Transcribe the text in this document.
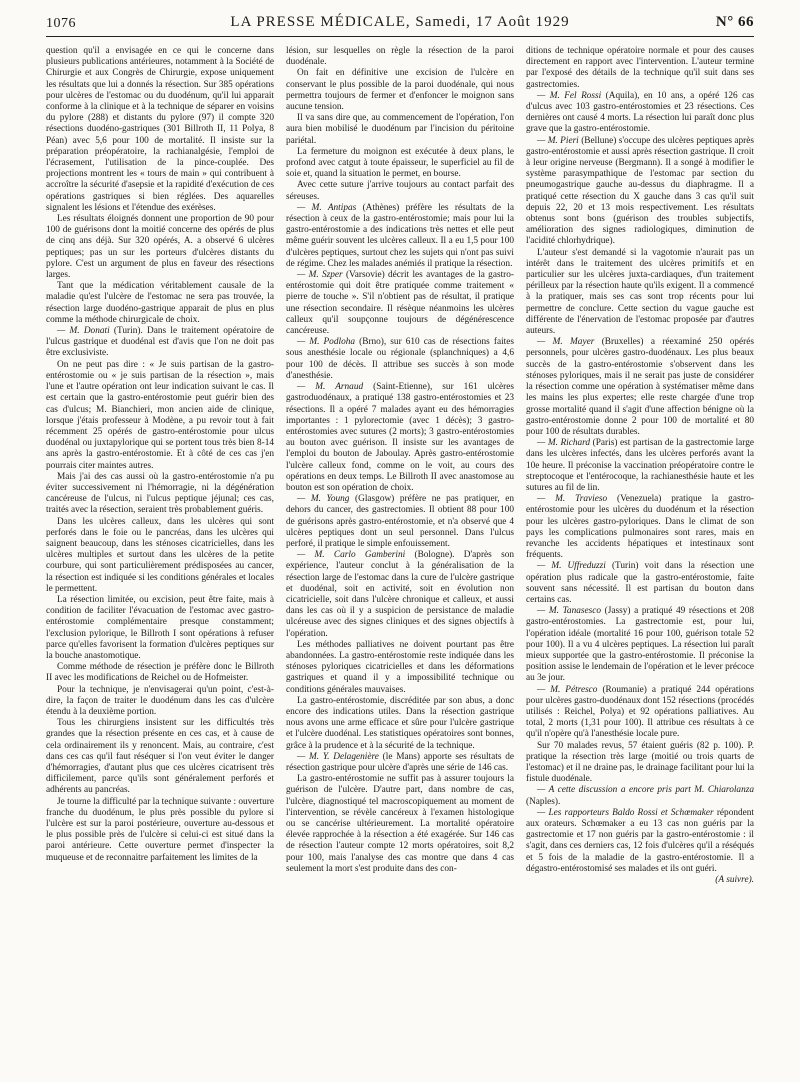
1076	LA PRESSE MÉDICALE, Samedi, 17 Août 1929	N° 66

question qu'il a envisagée en ce qui le concerne dans plusieurs publications antérieures, notamment à la Société de Chirurgie et aux Congrès de Chirurgie, expose uniquement les résultats que lui a donnés la résection. Sur 385 opérations pour ulcères de l'estomac ou du duodénum, qu'il lui apparait conforme à la clinique et à la technique de séparer en voisins du pylore (288) et distants du pylore (97) il compte 320 résections duodéno-gastriques (301 Billroth II, 11 Polya, 8 Péan) avec 5,6 pour 100 de mortalité. Il insiste sur la préparation préopératoire, la rachianalgésie, l'emploi de l'écrasement, l'utilisation de la pince-couplée. Des projections montrent les « tours de main » qui contribuent à accroître la sécurité d'asepsie et la rapidité d'exécution de ces opérations gastriques si bien réglées. Des aquarelles signalent les lésions et l'étendue des exérèses.

Les résultats éloignés donnent une proportion de 90 pour 100 de guérisons dont la moitié concerne des opérés de plus de cinq ans déjà. Sur 320 opérés, A. a observé 6 ulcères peptiques; pas un sur les porteurs d'ulcères distants du pylore. C'est un argument de plus en faveur des résections larges.

Tant que la médication véritablement causale de la maladie qu'est l'ulcère de l'estomac ne sera pas trouvée, la résection large duodéno-gastrique apparait de plus en plus comme la méthode chirurgicale de choix.

— M. Donati (Turin). Dans le traitement opératoire de l'ulcus gastrique et duodénal est d'avis que l'on ne doit pas être exclusiviste.

On ne peut pas dire : « Je suis partisan de la gastro-entérostomie ou « je suis partisan de la résection », mais l'une et l'autre opération ont leur indication suivant le cas. Il est certain que la gastro-entérostomie peut guérir bien des cas d'ulcus; M. Bianchieri, mon ancien aide de clinique, lorsque j'étais professeur à Modène, a pu revoir tout à fait récemment 25 opérés de gastro-entérostomie pour ulcus duodénal ou juxtapylorique qui se portent tous très bien 8-14 ans après la gastro-entérostomie. Et à côté de ces cas j'en pourrais citer maintes autres.

Mais j'ai des cas aussi où la gastro-entérostomie n'a pu éviter successivement ni l'hémorragie, ni la dégénération cancéreuse de l'ulcus, ni l'ulcus peptique jéjunal; ces cas, traités avec la résection, seraient très probablement guéris.

Dans les ulcères calleux, dans les ulcères qui sont perforés dans le foie ou le pancréas, dans les ulcères qui saignent beaucoup, dans les sténoses cicatricielles, dans les ulcères multiples et surtout dans les ulcères de la petite courbure, qui sont particulièrement prédisposées au cancer, la résection est indiquée si les conditions générales et locales le permettent.

La résection limitée, ou excision, peut être faite, mais à condition de faciliter l'évacuation de l'estomac avec gastro-entérostomie complémentaire presque constamment; l'exclusion pylorique, le Billroth I sont opérations à refuser parce qu'elles favorisent la formation d'ulcères peptiques sur la bouche anastomotique.

Comme méthode de résection je préfère donc le Billroth II avec les modifications de Reichel ou de Hofmeister.

Pour la technique, je n'envisagerai qu'un point, c'est-à-dire, la façon de traiter le duodénum dans les cas d'ulcère étendu à la deuxième portion.

Tous les chirurgiens insistent sur les difficultés très grandes que la résection présente en ces cas, et à cause de cela ordinairement ils y renoncent. Mais, au contraire, c'est dans ces cas qu'il faut réséquer si l'on veut éviter le danger d'hémorragies, d'autant plus que ces ulcères cicatrisent très difficilement, parce qu'ils sont généralement perforés et adhérents au pancréas.

Je tourne la difficulté par la technique suivante : ouverture franche du duodénum, le plus près possible du pylore si l'ulcère est sur la paroi postérieure, ouverture au-dessous et le plus possible près de l'ulcère si celui-ci est situé dans la paroi antérieure. Cette ouverture permet d'inspecter la muqueuse et de reconnaitre parfaitement les limites de la

lésion, sur lesquelles on règle la résection de la paroi duodénale.

On fait en définitive une excision de l'ulcère en conservant le plus possible de la paroi duodénale, qui nous permettra toujours de fermer et d'enfoncer le moignon sans aucune tension.

Il va sans dire que, au commencement de l'opération, l'on aura bien mobilisé le duodénum par l'incision du péritoine pariétal.

La fermeture du moignon est exécutée à deux plans, le profond avec catgut à toute épaisseur, le superficiel au fil de soie et, quand la situation le permet, en bourse.

Avec cette suture j'arrive toujours au contact parfait des séreuses.

— M. Antipas (Athènes) préfère les résultats de la résection à ceux de la gastro-entérostomie; mais pour lui la gastro-entérostomie a des indications très nettes et elle peut même guérir souvent les ulcères calleux. Il a eu 1,5 pour 100 d'ulcères peptiques, surtout chez les sujets qui n'ont pas suivi de régime. Chez les malades anémiés il pratique la résection.

— M. Szper (Varsovie) décrit les avantages de la gastro-entérostomie qui doit être pratiquée comme traitement « pierre de touche ». S'il n'obtient pas de résultat, il pratique une résection secondaire. Il résèque néanmoins les ulcères calleux qu'il soupçonne toujours de dégénérescence cancéreuse.

— M. Podloha (Brno), sur 610 cas de résections faites sous anesthésie locale ou régionale (splanchniques) a 4,6 pour 100 de décès. Il attribue ses succès à son mode d'anesthésie.

— M. Arnaud (Saint-Etienne), sur 161 ulcères gastroduodénaux, a pratiqué 138 gastro-entérostomies et 23 résections. Il a opéré 7 malades ayant eu des hémorragies importantes : 1 pylorectomie (avec 1 décès); 3 gastro-entérostomies avec sutures (2 morts); 3 gastro-entérostomies au bouton avec guérison. Il insiste sur les avantages de l'emploi du bouton de Jaboulay. Après gastro-entérostomie l'ulcère calleux fond, comme on le voit, au cours des opérations en deux temps. Le Billroth II avec anastomose au bouton est son opération de choix.

— M. Young (Glasgow) préfère ne pas pratiquer, en dehors du cancer, des gastrectomies. Il obtient 88 pour 100 de guérisons après gastro-entérostomie, et n'a observé que 4 ulcères peptiques dont un seul personnel. Dans l'ulcus perforé, il pratique le simple enfouissement.

— M. Carlo Gamberini (Bologne). D'après son expérience, l'auteur conclut à la généralisation de la résection large de l'estomac dans la cure de l'ulcère gastrique et duodénal, soit en activité, soit en évolution non cicatricielle, soit dans l'ulcère chronique et calleux, et aussi dans les cas où il y a suspicion de persistance de maladie ulcéreuse avec des signes cliniques et des signes objectifs à l'opération.

Les méthodes palliatives ne doivent pourtant pas être abandonnées. La gastro-entérostomie reste indiquée dans les sténoses pyloriques cicatricielles et dans les déformations gastriques et quand il y a impossibilité technique ou conditions générales mauvaises.

La gastro-entérostomie, discréditée par son abus, a donc encore des indications utiles. Dans la résection gastrique nous avons une arme efficace et sûre pour l'ulcère gastrique et l'ulcère duodénal. Les statistiques opératoires sont bonnes, grâce à la prudence et à la sécurité de la technique.

— M. Y. Delagenière (le Mans) apporte ses résultats de résection gastrique pour ulcère d'après une série de 146 cas.

La gastro-entérostomie ne suffit pas à assurer toujours la guérison de l'ulcère. D'autre part, dans nombre de cas, l'ulcère, diagnostiqué tel macroscopiquement au moment de l'intervention, se révèle cancéreux à l'examen histologique ou se cancérise ultérieurement. La mortalité opératoire élevée rapprochée à la résection a été exagérée. Sur 146 cas de résection l'auteur compte 12 morts opératoires, soit 8,2 pour 100, mais l'analyse des cas montre que dans 4 cas seulement la mort s'est produite dans des con-

ditions de technique opératoire normale et pour des causes directement en rapport avec l'intervention. L'auteur termine par l'exposé des détails de la technique qu'il suit dans ses gastrectomies.

— M. Fel Rossi (Aquila), en 10 ans, a opéré 126 cas d'ulcus avec 103 gastro-entérostomies et 23 résections. Ces dernières ont causé 4 morts. La résection lui paraît donc plus grave que la gastro-entérostomie.

— M. Pieri (Bellune) s'occupe des ulcères peptiques après gastro-entérostomie et aussi après résection gastrique. Il croit à leur origine nerveuse (Bergmann). Il a songé à modifier le système parasympathique de l'estomac par section du pneumogastrique gauche au-dessus du diaphragme. Il a pratiqué cette résection du X gauche dans 3 cas qu'il suit depuis 22, 20 et 13 mois respectivement. Les résultats obtenus sont bons (guérison des troubles subjectifs, amélioration des signes radiologiques, diminution de l'acidité chlorhydrique).

L'auteur s'est demandé si la vagotomie n'aurait pas un intérêt dans le traitement des ulcères primitifs et en particulier sur les ulcères juxta-cardiaques, d'un traitement périlleux par la résection haute qu'ils exigent. Il a commencé à la pratiquer, mais ses cas sont trop récents pour lui permettre de conclure. Cette section du vague gauche est différente de l'énervation de l'estomac proposée par d'autres auteurs.

— M. Mayer (Bruxelles) a réexaminé 250 opérés personnels, pour ulcères gastro-duodénaux. Les plus beaux succès de la gastro-entérostomie s'observent dans les sténoses pyloriques, mais il ne serait pas juste de considérer la résection comme une opération à systématiser même dans les mains les plus expertes; elle reste chargée d'une trop grosse mortalité quand il s'agit d'une affection bénigne où la gastro-entérostomie donne 2 pour 100 de mortalité et 80 pour 100 de résultats durables.

— M. Richard (Paris) est partisan de la gastrectomie large dans les ulcères infectés, dans les ulcères perforés avant la 10e heure. Il préconise la vaccination préopératoire contre le streptocoque et l'entérocoque, la rachianesthésie haute et les sutures au fil de lin.

— M. Travieso (Venezuela) pratique la gastro-entérostomie pour les ulcères du duodénum et la résection pour les ulcères gastro-pyloriques. Dans le climat de son pays les complications pulmonaires sont rares, mais en revanche les accidents hépatiques et intestinaux sont fréquents.

— M. Uffreduzzi (Turin) voit dans la résection une opération plus radicale que la gastro-entérostomie, faite souvent sans nécessité. Il est partisan du bouton dans certains cas.

— M. Tanasesco (Jassy) a pratiqué 49 résections et 208 gastro-entérostomies. La gastrectomie est, pour lui, l'opération idéale (mortalité 16 pour 100, guérison totale 52 pour 100). Il a vu 4 ulcères peptiques. La résection lui paraît mieux supportée que la gastro-entérostomie. Il préconise la position assise le lendemain de l'opération et le lever précoce au 3e jour.

— M. Pétresco (Roumanie) a pratiqué 244 opérations pour ulcères gastro-duodénaux dont 152 résections (procédés utilisés : Reichel, Polya) et 92 opérations palliatives. Au total, 2 morts (1,31 pour 100). Il attribue ces résultats à ce qu'il n'opère qu'à l'anesthésie locale pure.

Sur 70 malades revus, 57 étaient guéris (82 p. 100). P. pratique la résection très large (moitié ou trois quarts de l'estomac) et il ne draine pas, le drainage facilitant pour lui la fistule duodénale.

— A cette discussion a encore pris part M. Chiarolanza (Naples).

— Les rapporteurs Baldo Rossi et Schœmaker répondent aux orateurs. Schœmaker a eu 13 cas non guéris par la gastrectomie et 17 non guéris par la gastro-entérostomie : il s'agit, dans ces derniers cas, 12 fois d'ulcères qu'il a réséqués et 5 fois de la maladie de la gastro-entérostomie. Il a dégastro-entérostomisé ses malades et ils ont guéri.

(A suivre).
